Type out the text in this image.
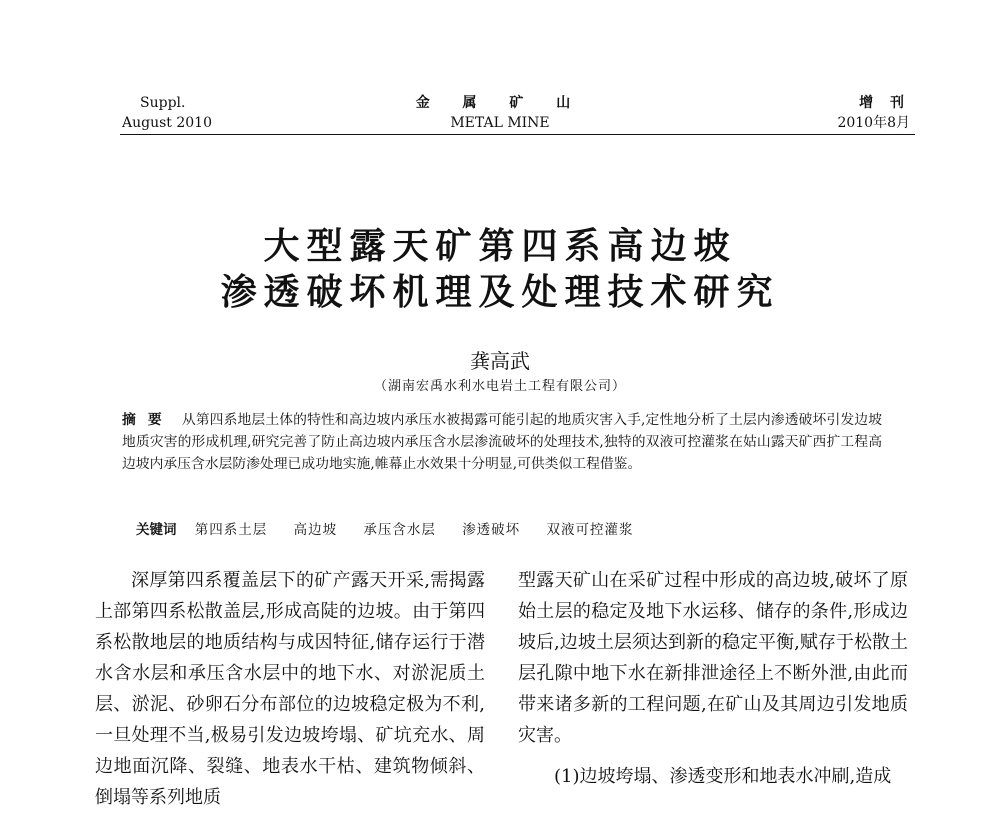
Suppl.
August 2010
金 属 矿 山
METAL MINE
增 刊
2010年8月
大型露天矿第四系高边坡
渗透破坏机理及处理技术研究
龚高武
（湖南宏禹水利水电岩土工程有限公司）
摘要 从第四系地层土体的特性和高边坡内承压水被揭露可能引起的地质灾害入手,定性地分析了土层内渗透破坏引发边坡地质灾害的形成机理,研究完善了防止高边坡内承压含水层渗流破坏的处理技术,独特的双液可控灌浆在姑山露天矿西扩工程高边坡内承压含水层防渗处理已成功地实施,帷幕止水效果十分明显,可供类似工程借鉴。
关键词 第四系土层 高边坡 承压含水层 渗透破坏 双液可控灌浆

深厚第四系覆盖层下的矿产露天开采,需揭露上部第四系松散盖层,形成高陡的边坡。由于第四系松散地层的地质结构与成因特征,储存运行于潜水含水层和承压含水层中的地下水、对淤泥质土层、淤泥、砂卵石分布部位的边坡稳定极为不利,一旦处理不当,极易引发边坡垮塌、矿坑充水、周边地面沉降、裂缝、地表水干枯、建筑物倾斜、倒塌等系列地质

型露天矿山在采矿过程中形成的高边坡,破坏了原始土层的稳定及地下水运移、储存的条件,形成边坡后,边坡土层须达到新的稳定平衡,赋存于松散土层孔隙中地下水在新排泄途径上不断外泄,由此而带来诸多新的工程问题,在矿山及其周边引发地质灾害。

(1)边坡垮塌、渗透变形和地表水冲刷,造成
